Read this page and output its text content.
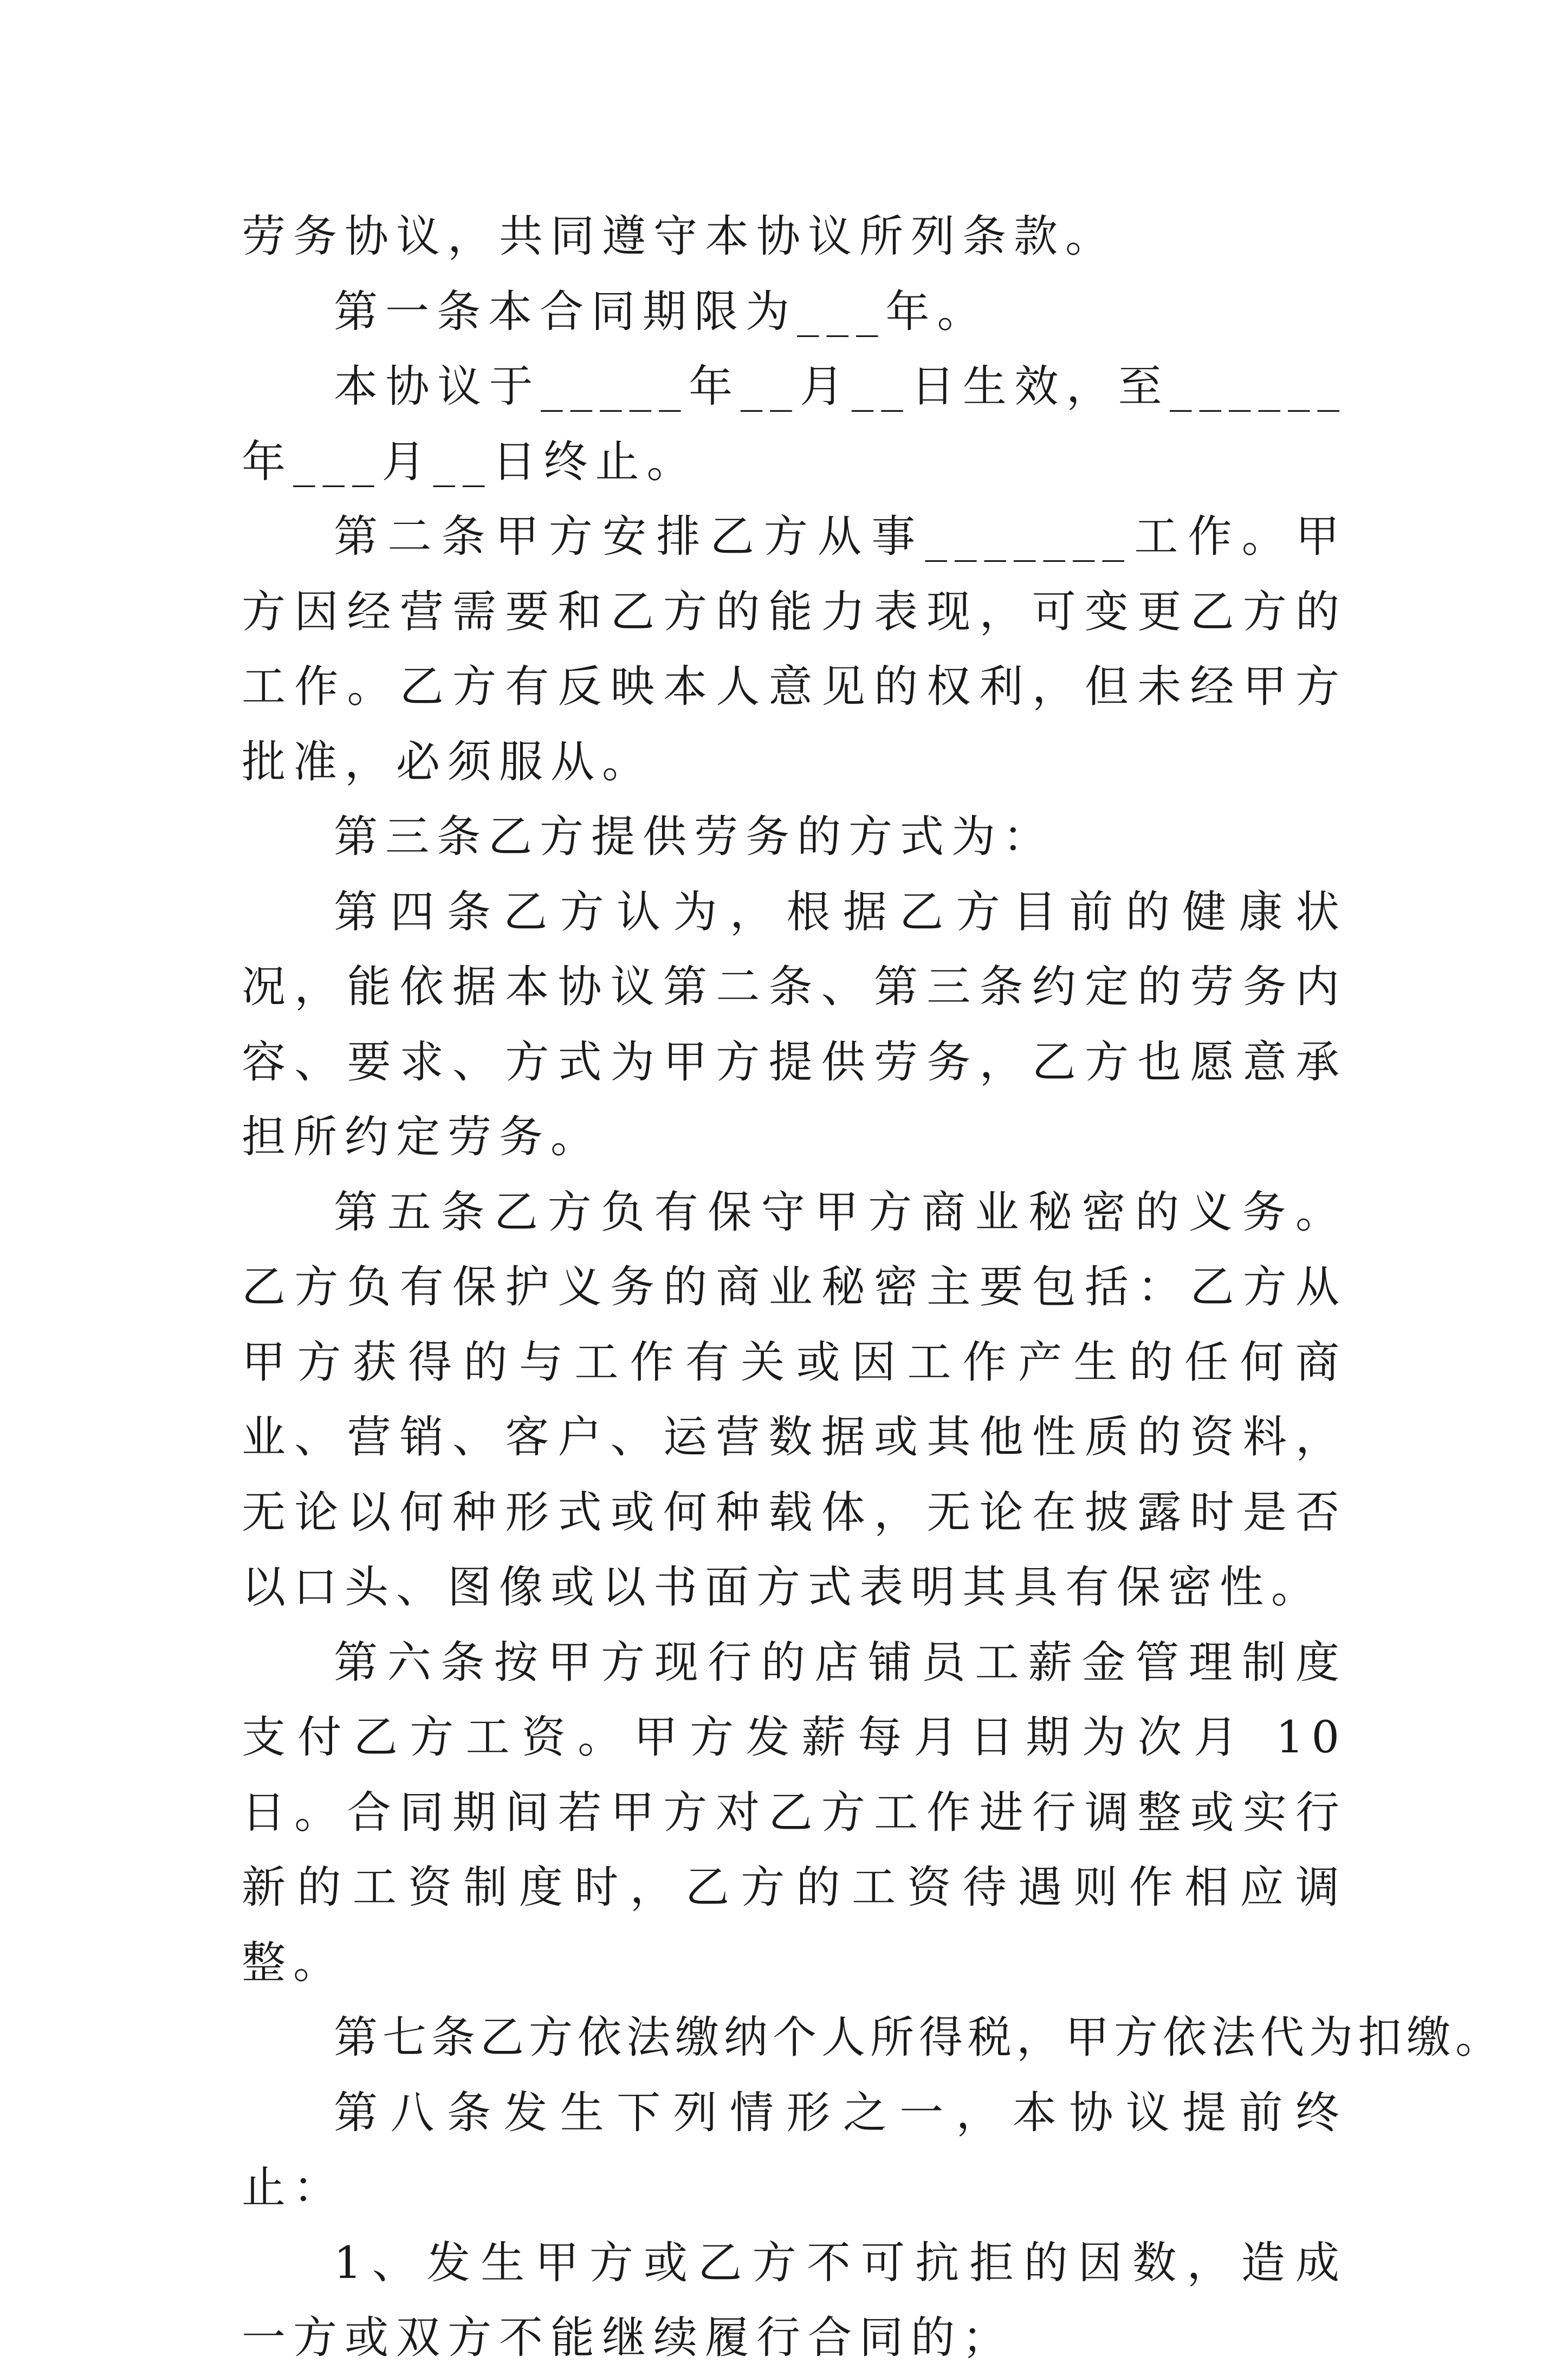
劳务协议，共同遵守本协议所列条款。

第一条本合同期限为___年。

本协议于_____年__月__日生效，至______年___月__日终止。

第二条甲方安排乙方从事_______工作。甲方因经营需要和乙方的能力表现，可变更乙方的工作。乙方有反映本人意见的权利，但未经甲方批准，必须服从。

第三条乙方提供劳务的方式为：

第四条乙方认为，根据乙方目前的健康状况，能依据本协议第二条、第三条约定的劳务内容、要求、方式为甲方提供劳务，乙方也愿意承担所约定劳务。

第五条乙方负有保守甲方商业秘密的义务。乙方负有保护义务的商业秘密主要包括：乙方从甲方获得的与工作有关或因工作产生的任何商业、营销、客户、运营数据或其他性质的资料，无论以何种形式或何种载体，无论在披露时是否以口头、图像或以书面方式表明其具有保密性。

第六条按甲方现行的店铺员工薪金管理制度支付乙方工资。甲方发薪每月日期为次月 10 日。合同期间若甲方对乙方工作进行调整或实行新的工资制度时，乙方的工资待遇则作相应调整。

第七条乙方依法缴纳个人所得税，甲方依法代为扣缴。

第八条发生下列情形之一，本协议提前终止：

1、发生甲方或乙方不可抗拒的因数，造成一方或双方不能继续履行合同的；
